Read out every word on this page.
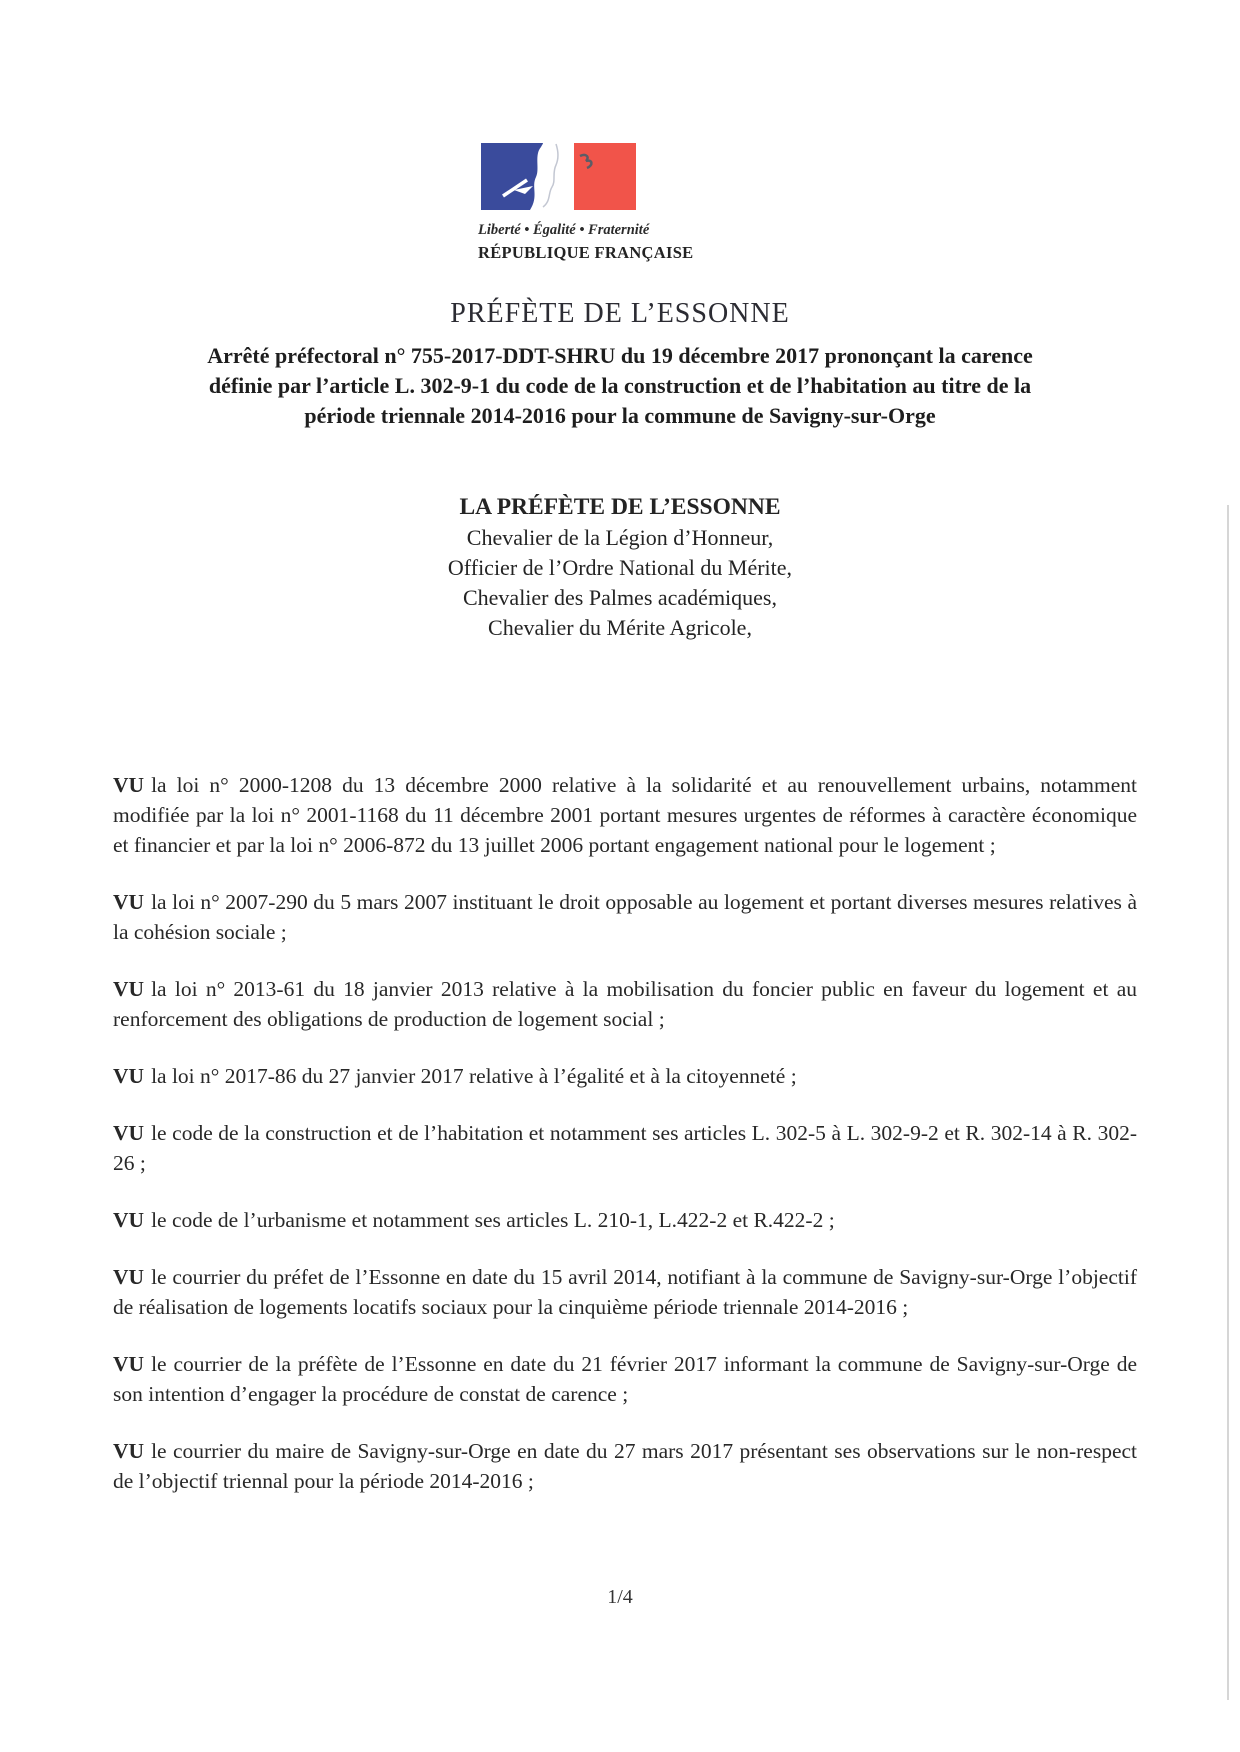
Liberté • Égalité • Fraternité
RÉPUBLIQUE FRANÇAISE
PRÉFÈTE DE L’ESSONNE
Arrêté préfectoral n° 755-2017-DDT-SHRU du 19 décembre 2017 prononçant la carence
définie par l’article L. 302-9-1 du code de la construction et de l’habitation au titre de la
période triennale 2014-2016 pour la commune de Savigny-sur-Orge
LA PRÉFÈTE DE L’ESSONNE
Chevalier de la Légion d’Honneur,
Officier de l’Ordre National du Mérite,
Chevalier des Palmes académiques,
Chevalier du Mérite Agricole,

VU la loi n° 2000-1208 du 13 décembre 2000 relative à la solidarité et au renouvellement urbains, notamment modifiée par la loi n° 2001-1168 du 11 décembre 2001 portant mesures urgentes de réformes à caractère économique et financier et par la loi n° 2006-872 du 13 juillet 2006 portant engagement national pour le logement ;

VU la loi n° 2007-290 du 5 mars 2007 instituant le droit opposable au logement et portant diverses mesures relatives à la cohésion sociale ;

VU la loi n° 2013-61 du 18 janvier 2013 relative à la mobilisation du foncier public en faveur du logement et au renforcement des obligations de production de logement social ;

VU la loi n° 2017-86 du 27 janvier 2017 relative à l’égalité et à la citoyenneté ;

VU le code de la construction et de l’habitation et notamment ses articles L. 302-5 à L. 302-9-2 et R. 302-14 à R. 302-26 ;

VU le code de l’urbanisme et notamment ses articles L. 210-1, L.422-2 et R.422-2 ;

VU le courrier du préfet de l’Essonne en date du 15 avril 2014, notifiant à la commune de Savigny-sur-Orge l’objectif de réalisation de logements locatifs sociaux pour la cinquième période triennale 2014-2016 ;

VU le courrier de la préfète de l’Essonne en date du 21 février 2017 informant la commune de Savigny-sur-Orge de son intention d’engager la procédure de constat de carence ;

VU le courrier du maire de Savigny-sur-Orge en date du 27 mars 2017 présentant ses observations sur le non-respect de l’objectif triennal pour la période 2014-2016 ;

1/4
